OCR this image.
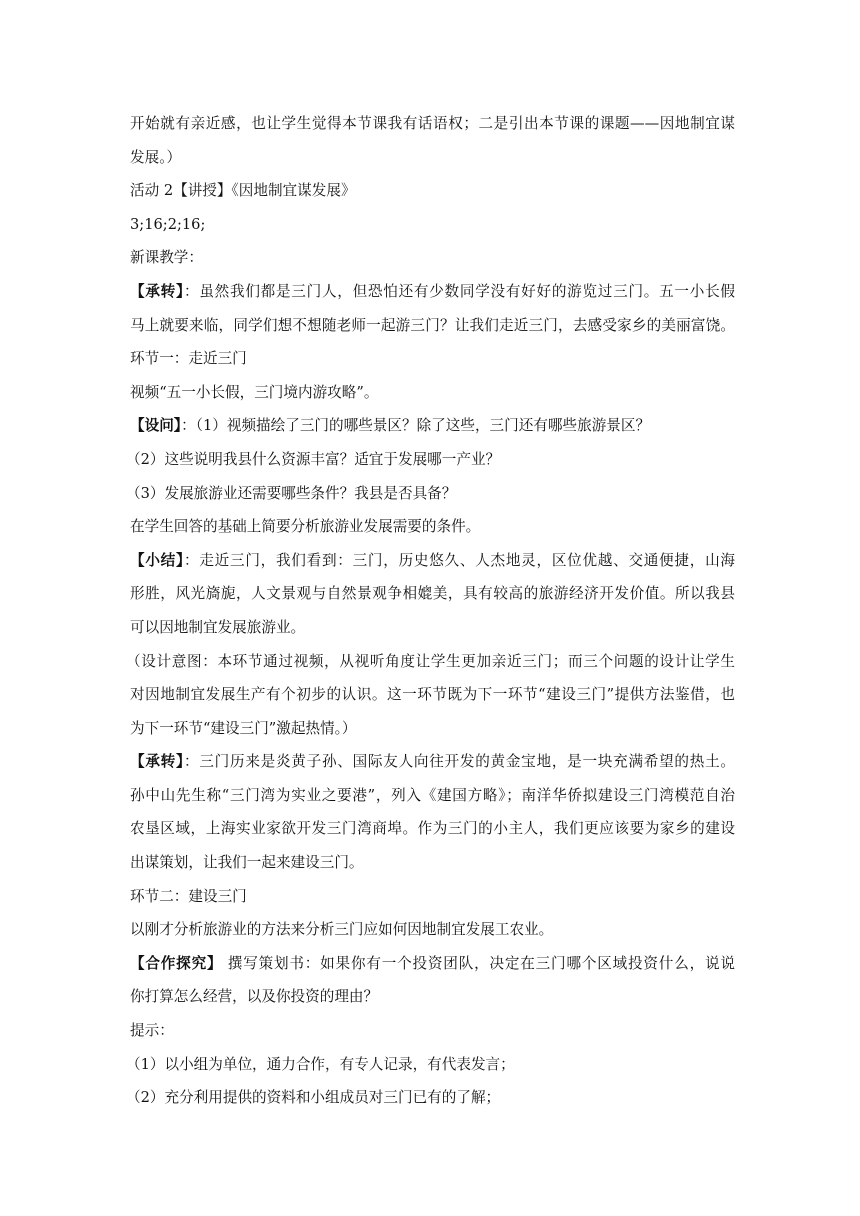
开始就有亲近感，也让学生觉得本节课我有话语权；二是引出本节课的课题——因地制宜谋
发展。）
活动 2【讲授】《因地制宜谋发展》
3;16;2;16;
新课教学：
【承转】：虽然我们都是三门人，但恐怕还有少数同学没有好好的游览过三门。五一小长假
马上就要来临，同学们想不想随老师一起游三门？让我们走近三门，去感受家乡的美丽富饶。
环节一：走近三门
视频“五一小长假，三门境内游攻略”。
【设问】：（1）视频描绘了三门的哪些景区？除了这些，三门还有哪些旅游景区？
（2）这些说明我县什么资源丰富？适宜于发展哪一产业？
（3）发展旅游业还需要哪些条件？我县是否具备？
在学生回答的基础上简要分析旅游业发展需要的条件。
【小结】：走近三门，我们看到：三门，历史悠久、人杰地灵，区位优越、交通便捷，山海
形胜，风光旖旎，人文景观与自然景观争相媲美，具有较高的旅游经济开发价值。所以我县
可以因地制宜发展旅游业。
（设计意图：本环节通过视频，从视听角度让学生更加亲近三门；而三个问题的设计让学生
对因地制宜发展生产有个初步的认识。这一环节既为下一环节“建设三门”提供方法鉴借，也
为下一环节“建设三门”激起热情。）
【承转】：三门历来是炎黄子孙、国际友人向往开发的黄金宝地，是一块充满希望的热土。
孙中山先生称“三门湾为实业之要港”，列入《建国方略》；南洋华侨拟建设三门湾模范自治
农垦区域，上海实业家欲开发三门湾商埠。作为三门的小主人，我们更应该要为家乡的建设
出谋策划，让我们一起来建设三门。
环节二：建设三门
以刚才分析旅游业的方法来分析三门应如何因地制宜发展工农业。
【合作探究】 撰写策划书：如果你有一个投资团队，决定在三门哪个区域投资什么，说说
你打算怎么经营，以及你投资的理由？
提示：
（1）以小组为单位，通力合作，有专人记录，有代表发言；
（2）充分利用提供的资料和小组成员对三门已有的了解；
